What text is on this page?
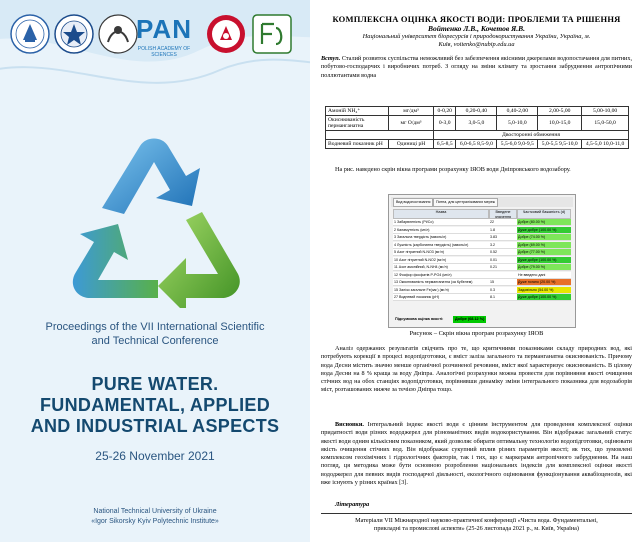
PAN
POLISH ACADEMY OF SCIENCES
Proceedings of the VII International Scientific
and Technical Conference
PURE WATER.
FUNDAMENTAL, APPLIED
AND INDUSTRIAL ASPECTS
25-26 November 2021
National Technical University of Ukraine
«Igor Sikorsky Kyiv Polytechnic Institute»
КОМПЛЕКСНА ОЦІНКА ЯКОСТІ ВОДИ: ПРОБЛЕМИ ТА РІШЕННЯ
Войтенко Л.В., Кочетов Я.В.
Національний університет біоресурсів і природокористування України, Україна, м.
Київ, voitenko@nubip.edu.ua
Вступ. Сталий розвиток суспільства неможливий без забезпечення якісними джерелами водопостачання для питних, побутово-господарчих і виробничих потреб. З огляду на зміни клімату та зростання забруднення антропічними поллютантами водна
Амоній NH₄⁺	мг/дм³	0-0,20	0,20-0,40	0,40-2,00	2,00-5,00	5,00-10,00
Окиснюваність перманганатна	мг O/дм³	0-3,0	3,0-5,0	5,0-10,0	10,0-15,0	15,0-50,0
		Двосторонні обмеження				
Водневий показник pH	Одиниці pH	6,5-8,5	6,0-6,5 8,5-9,0	5,5-6,0 9,0-9,5	5,0-5,5 9,5-10,0	4,5-5,0 10,0-11,0
На рис. наведено скрін вікна програми розрахунку ІЯОВ води Дніпровського водозабору.
Вид водопостачання	Питна, для централізованих мереж
Назва	Введене значення
Частковий бажаність (d)
1 Забарвленість (Pt/Co)	22	Добре (80.00 %)
2 Каламутність (мг/л)	1.8	Дуже добре (100.00 %)
3 Загальна твердість (ммоль/л)	3.83	Добре (74.00 %)
4 Лужність (карбонатна твердість) (ммоль/л)	3.2	Добре (69.00 %)
5 Азот нітратний N-NO3 (мг/л)	0.52	Добре (77.00 %)
10 Азот нітритний N-NO2 (мг/л)	0.01	Дуже добре (100.00 %)
11 Азот амонійний, N-NH4 (мг/л)	0.21	Добре (79.00 %)
12 Фосфор фосфатів P-PO4 (мг/л)	Не введено дані
13 Окиснюваність перманганатна (за Кубелем)	15	Дуже погано (20.00 %)
15 Залізо загальне Fe(заг.) (мг/л)	0.3	Задовільно (54.00 %)
27 Водневий показник (pH)	8.1	Дуже добре (100.00 %)
Підсумкова оцінка якості:	Добре (68.12 %)
Рисунок – Скрін вікна програм розрахунку ІЯОВ
Аналіз одержаних результатів свідчить про те, що критичними показниками складу природних вод, які потребують корекції в процесі водопідготовки, є вміст заліза загального та перманганатна окиснюваність. Причому вода Десни містить значно менше органічної розчиненої речовини, вміст якої характеризує окиснюваність. В цілому вода Десни на 8 % краща за воду Дніпра. Аналогічні розрахунки можна провести для порівняння якості очищення стічних вод на обох станціях водопідготовки, порівнявши динаміку зміни інтегрального показника для водозаборів міст, розташованих нижче за течією Дніпра тощо.
Висновки. Інтегральний індекс якості води є цінним інструментом для проведення комплексної оцінки придатності води різних вододжерел для різноманітних видів водокористування. Він відображає загальний статус якості води одним кількісним показником, який дозволяє обирати оптимальну технологію водопідготовки, оцінювати якість очищення стічних вод. Він відображає сукупний вплив різних параметрів якості; як тих, що зумовлені комплексом геохімічних і гідрологічних факторів, так і тих, що є маркерами антропічного забруднення. На наш погляд, ця методика може бути основною розроблення національних індексів для комплексної оцінки якості вододжерел для певних видів господарчої діяльності, екологічного оцінювання функціонування аквабіоценозів, які вже існують у різних країнах [3].
Література
Матеріали VII Міжнародної науково-практичної конференції «Чиста вода. Фундаментальні,
прикладні та промислові аспекти» (25-26 листопада 2021 р., м. Київ, Україна)
